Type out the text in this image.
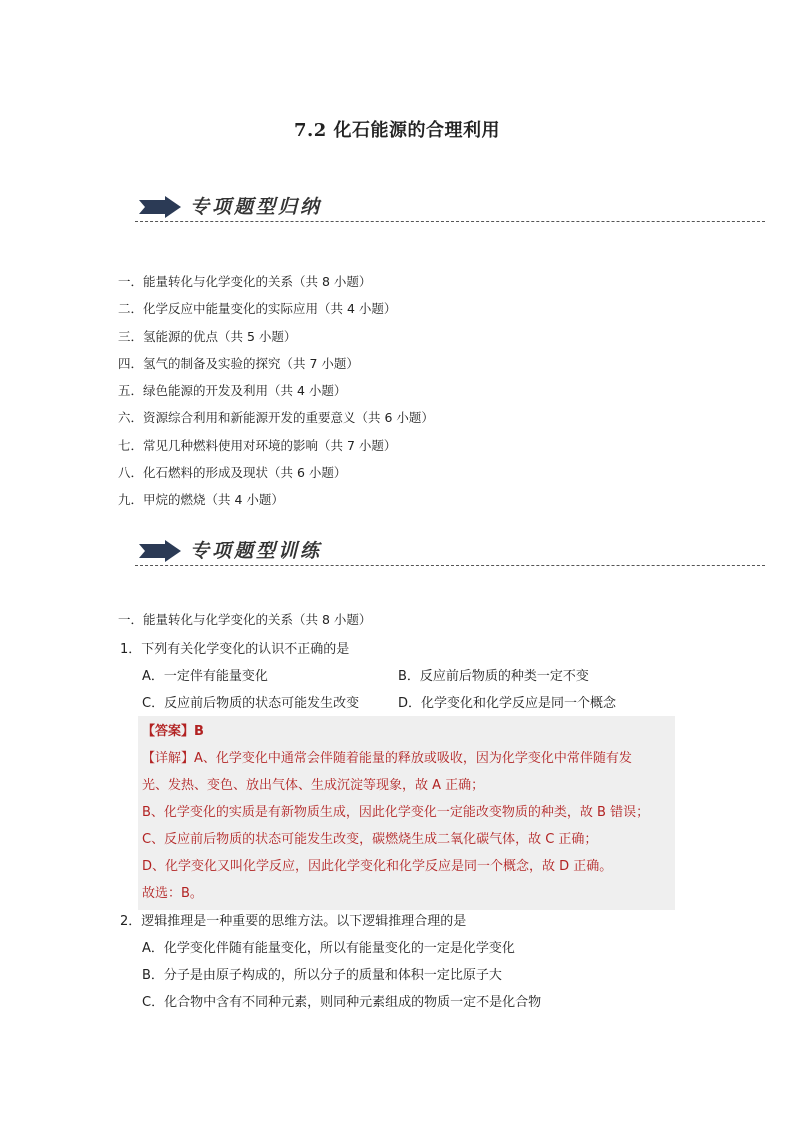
7.2 化石能源的合理利用
专项题型归纳
一．能量转化与化学变化的关系（共 8 小题）
二．化学反应中能量变化的实际应用（共 4 小题）
三．氢能源的优点（共 5 小题）
四．氢气的制备及实验的探究（共 7 小题）
五．绿色能源的开发及利用（共 4 小题）
六．资源综合利用和新能源开发的重要意义（共 6 小题）
七．常见几种燃料使用对环境的影响（共 7 小题）
八．化石燃料的形成及现状（共 6 小题）
九．甲烷的燃烧（共 4 小题）
专项题型训练
一．能量转化与化学变化的关系（共 8 小题）
1．下列有关化学变化的认识不正确的是
A．一定伴有能量变化	B．反应前后物质的种类一定不变
C．反应前后物质的状态可能发生改变	D．化学变化和化学反应是同一个概念
【答案】B
【详解】A、化学变化中通常会伴随着能量的释放或吸收，因为化学变化中常伴随有发
光、发热、变色、放出气体、生成沉淀等现象，故 A 正确；
B、化学变化的实质是有新物质生成，因此化学变化一定能改变物质的种类，故 B 错误；
C、反应前后物质的状态可能发生改变，碳燃烧生成二氧化碳气体，故 C 正确；
D、化学变化又叫化学反应，因此化学变化和化学反应是同一个概念，故 D 正确。
故选：B。
2．逻辑推理是一种重要的思维方法。以下逻辑推理合理的是
A．化学变化伴随有能量变化，所以有能量变化的一定是化学变化
B．分子是由原子构成的，所以分子的质量和体积一定比原子大
C．化合物中含有不同种元素，则同种元素组成的物质一定不是化合物
